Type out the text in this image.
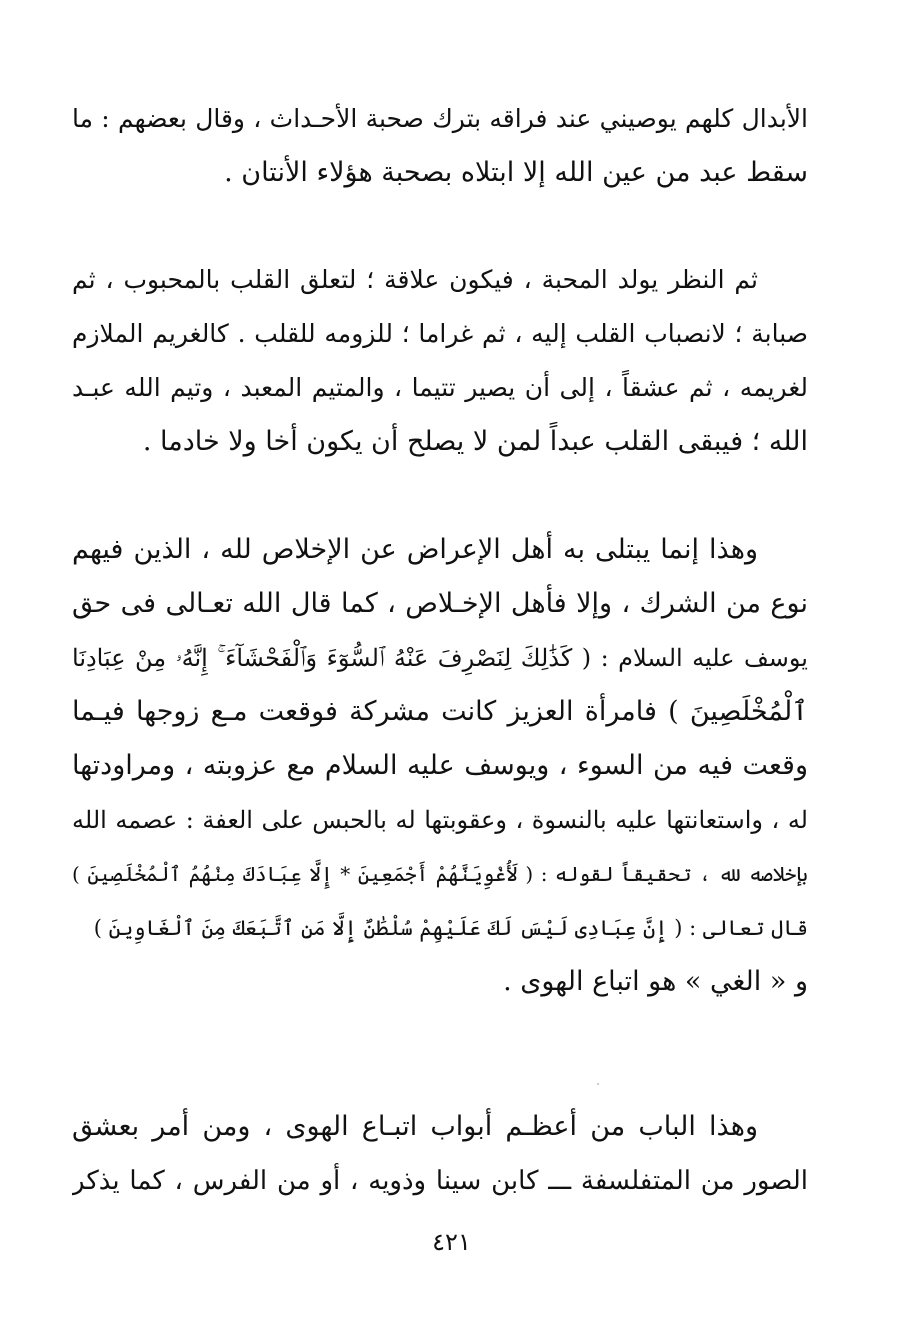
الأبدال كلهم يوصيني عند فراقه بترك صحبة الأحـداث ، وقال بعضهم : ما
سقط عبد من عين الله إلا ابتلاه بصحبة هؤلاء الأنتان .
ثم النظر يولد المحبة ، فيكون علاقة ؛ لتعلق القلب بالمحبوب ، ثم
صبابة ؛ لانصباب القلب إليه ، ثم غراما ؛ للزومه للقلب . كالغريم الملازم
لغريمه ، ثم عشقاً ، إلى أن يصير تتيما ، والمتيم المعبد ، وتيم الله عبـد
الله ؛ فيبقى القلب عبداً لمن لا يصلح أن يكون أخا ولا خادما .
وهذا إنما يبتلى به أهل الإعراض عن الإخلاص لله ، الذين فيهم
نوع من الشرك ، وإلا فأهل الإخـلاص ، كما قال الله تعـالى فى حق
يوسف عليه السلام : ( كَذَٰلِكَ لِنَصْرِفَ عَنْهُ ٱلسُّوٓءَ وَٱلْفَحْشَآءَ ۚ إِنَّهُۥ مِنْ عِبَادِنَا
ٱلْمُخْلَصِينَ ) فامرأة العزيز كانت مشركة فوقعت مـع زوجها فيـما
وقعت فيه من السوء ، ويوسف عليه السلام مع عزوبته ، ومراودتها
له ، واستعانتها عليه بالنسوة ، وعقوبتها له بالحبس على العفة : عصمه الله
بإخلاصه لله ، تحقيقاً لقوله : ( لَأُغْوِيَنَّهُمْ أَجْمَعِينَ * إِلَّا عِبَادَكَ مِنْهُمُ ٱلْمُخْلَصِينَ )
قال تعالى : ( إِنَّ عِبَادِى لَيْسَ لَكَ عَلَيْهِمْ سُلْطَٰنٌ إِلَّا مَنِ ٱتَّبَعَكَ مِنَ ٱلْغَاوِينَ )
و « الغي » هو اتباع الهوى .
وهذا الباب من أعظـم أبواب اتبـاع الهوى ، ومن أمر بعشق
الصور من المتفلسفة ـــ كابن سينا وذويه ، أو من الفرس ، كما يذكر
٤٢١
